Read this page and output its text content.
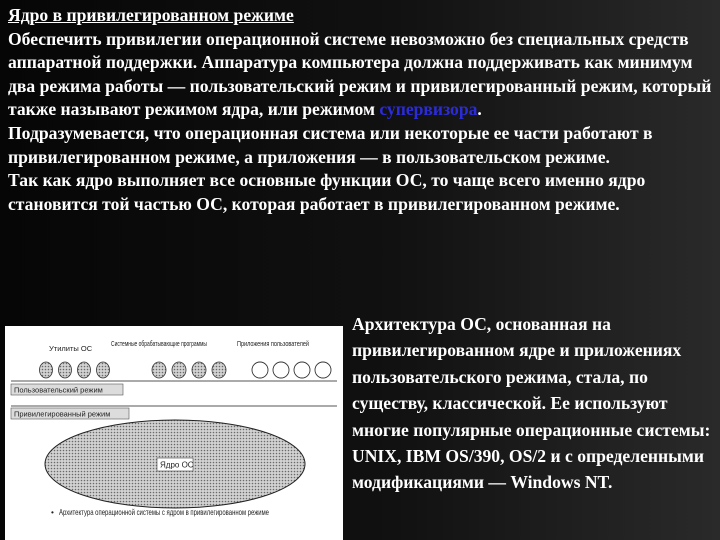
Ядро в привилегированном режиме
Обеспечить привилегии операционной системе невозможно без специальных средств аппаратной поддержки. Аппаратура компьютера должна поддерживать как минимум два режима работы — пользовательский режим и привилегированный режим, который также называют режимом ядра, или режимом супервизора.
Подразумевается, что операционная система или некоторые ее части работают в привилегированном режиме, а приложения — в пользовательском режиме.
Так как ядро выполняет все основные функции ОС, то чаще всего именно ядро становится той частью ОС, которая работает в привилегированном режиме.
Архитектура ОС, основанная на привилегированном ядре и приложениях пользовательского режима, стала, по существу, классической. Ее используют многие популярные операционные системы: UNIX, IBM OS/390, OS/2 и с определенными модификациями — Windows NT.
Утилиты ОС
Системные обрабатывающие программы	Приложения пользователей
Пользовательский режим
Привилегированный режим
Ядро ОС
• Архитектура операционной системы с ядром в привилегированном режиме
